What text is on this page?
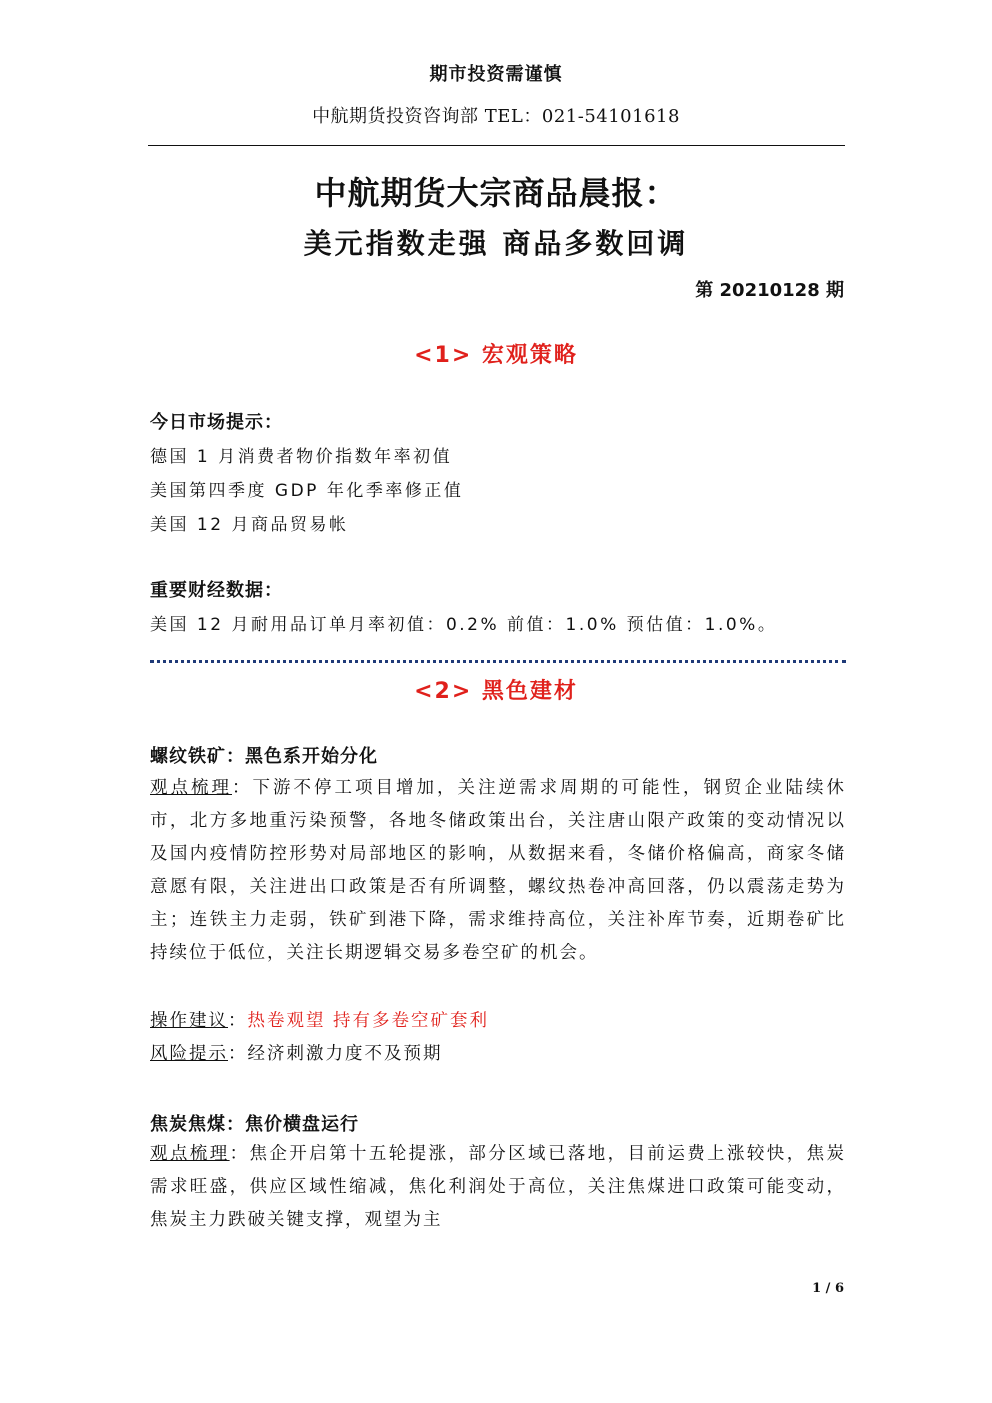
期市投资需谨慎
中航期货投资咨询部 TEL：021-54101618
中航期货大宗商品晨报：
美元指数走强 商品多数回调
第 20210128 期
<1> 宏观策略
今日市场提示：
德国 1 月消费者物价指数年率初值
美国第四季度 GDP 年化季率修正值
美国 12 月商品贸易帐
重要财经数据：
美国 12 月耐用品订单月率初值：0.2% 前值：1.0% 预估值：1.0%。
<2> 黑色建材
螺纹铁矿：黑色系开始分化
观点梳理：下游不停工项目增加，关注逆需求周期的可能性，钢贸企业陆续休市，北方多地重污染预警，各地冬储政策出台，关注唐山限产政策的变动情况以及国内疫情防控形势对局部地区的影响，从数据来看，冬储价格偏高，商家冬储意愿有限，关注进出口政策是否有所调整，螺纹热卷冲高回落，仍以震荡走势为主；连铁主力走弱，铁矿到港下降，需求维持高位，关注补库节奏，近期卷矿比持续位于低位，关注长期逻辑交易多卷空矿的机会。
操作建议：热卷观望 持有多卷空矿套利
风险提示：经济刺激力度不及预期
焦炭焦煤：焦价横盘运行
观点梳理：焦企开启第十五轮提涨，部分区域已落地，目前运费上涨较快，焦炭需求旺盛，供应区域性缩减，焦化利润处于高位，关注焦煤进口政策可能变动，焦炭主力跌破关键支撑，观望为主
1 / 6
